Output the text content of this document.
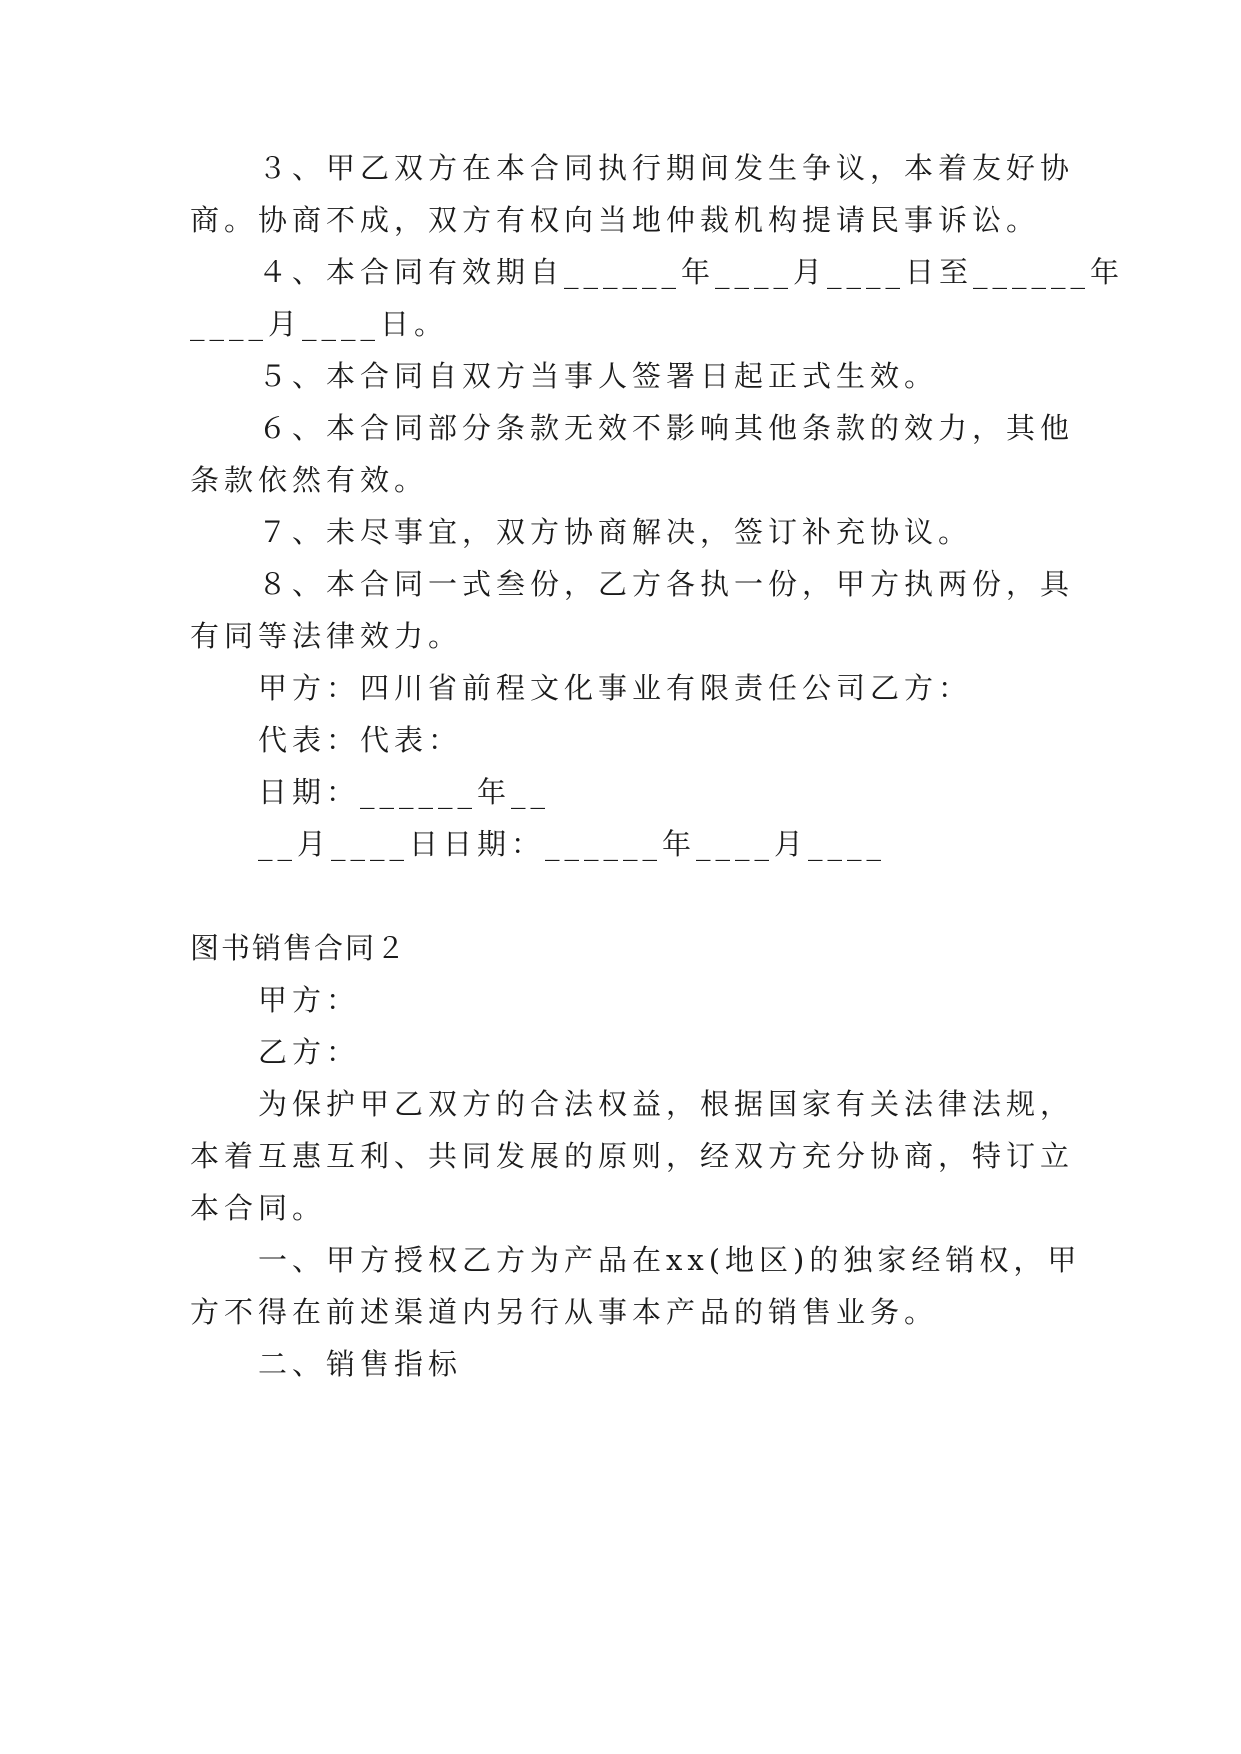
３、甲乙双方在本合同执行期间发生争议，本着友好协

商。协商不成，双方有权向当地仲裁机构提请民事诉讼。

４、本合同有效期自______年____月____日至______年

____月____日。

５、本合同自双方当事人签署日起正式生效。

６、本合同部分条款无效不影响其他条款的效力，其他

条款依然有效。

７、未尽事宜，双方协商解决，签订补充协议。

８、本合同一式叁份，乙方各执一份，甲方执两份，具

有同等法律效力。

甲方：四川省前程文化事业有限责任公司乙方：

代表：代表：

日期：______年__

__月____日日期：______年____月____

图书销售合同２

甲方：

乙方：

为保护甲乙双方的合法权益，根据国家有关法律法规，

本着互惠互利、共同发展的原则，经双方充分协商，特订立

本合同。

一、甲方授权乙方为产品在xx(地区)的独家经销权，甲

方不得在前述渠道内另行从事本产品的销售业务。

二、销售指标
